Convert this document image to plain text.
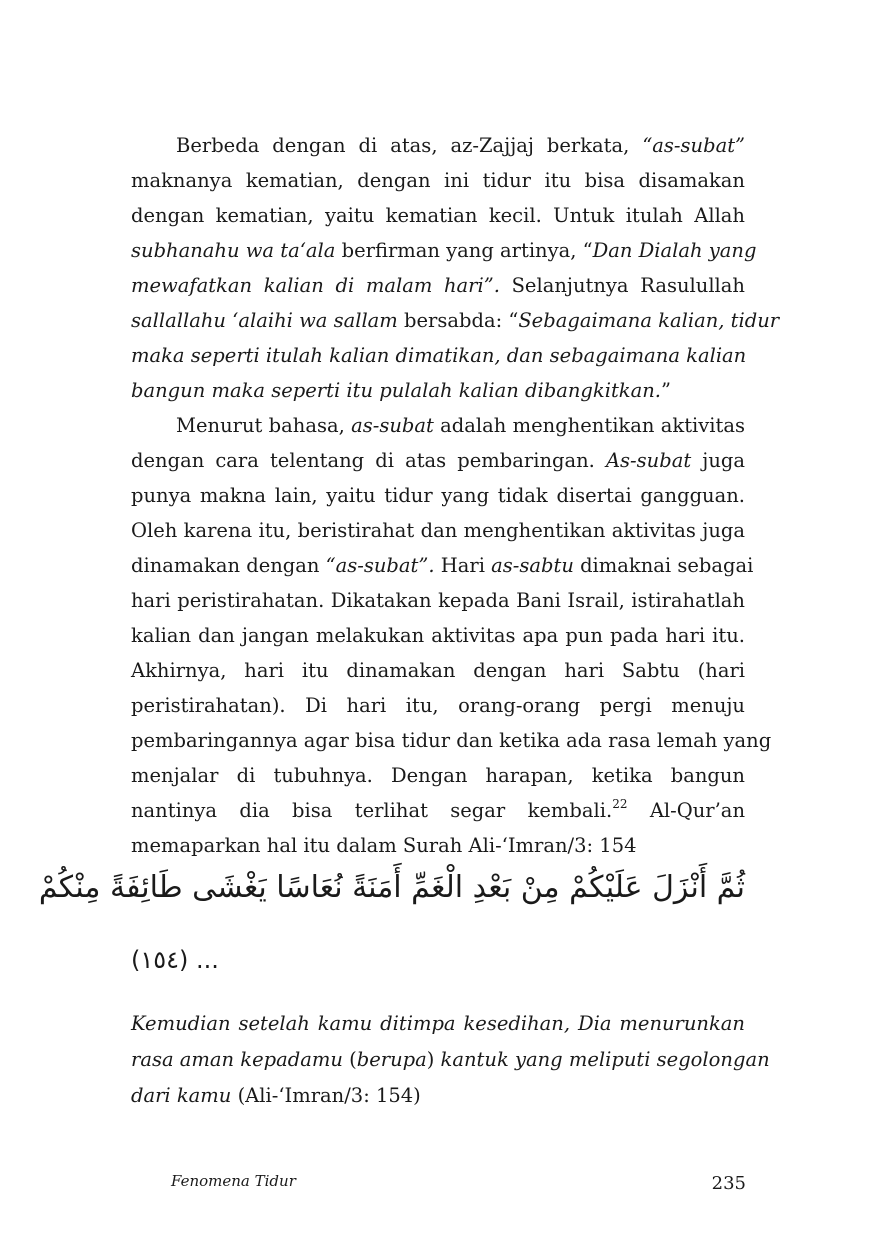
Berbeda dengan di atas, az-Zajjaj berkata, “as-subat”
maknanya kematian, dengan ini tidur itu bisa disamakan
dengan kematian, yaitu kematian kecil. Untuk itulah Allah
subhanahu wa ta‘ala berfirman yang artinya, “Dan Dialah yang
mewafatkan kalian di malam hari”. Selanjutnya Rasulullah
sallallahu ‘alaihi wa sallam bersabda: “Sebagaimana kalian, tidur
maka seperti itulah kalian dimatikan, dan sebagaimana kalian
bangun maka seperti itu pulalah kalian dibangkitkan.”
Menurut bahasa, as-subat adalah menghentikan aktivitas
dengan cara telentang di atas pembaringan. As-subat juga
punya makna lain, yaitu tidur yang tidak disertai gangguan.
Oleh karena itu, beristirahat dan menghentikan aktivitas juga
dinamakan dengan “as-subat”. Hari as-sabtu dimaknai sebagai
hari peristirahatan. Dikatakan kepada Bani Israil, istirahatlah
kalian dan jangan melakukan aktivitas apa pun pada hari itu.
Akhirnya, hari itu dinamakan dengan hari Sabtu (hari
peristirahatan). Di hari itu, orang-orang pergi menuju
pembaringannya agar bisa tidur dan ketika ada rasa lemah yang
menjalar di tubuhnya. Dengan harapan, ketika bangun
nantinya dia bisa terlihat segar kembali.$^{22}$ Al-Qur’an
memaparkan hal itu dalam Surah Ali-‘Imran/3: 154
ثُمَّ أَنْزَلَ عَلَيْكُمْ مِنْ بَعْدِ الْغَمِّ أَمَنَةً نُعَاسًا يَغْشَى طَائِفَةً مِنْكُمْ
... (١٥٤)
Kemudian setelah kamu ditimpa kesedihan, Dia menurunkan
rasa aman kepadamu (berupa) kantuk yang meliputi segolongan
dari kamu (Ali-‘Imran/3: 154)
Fenomena Tidur	235
